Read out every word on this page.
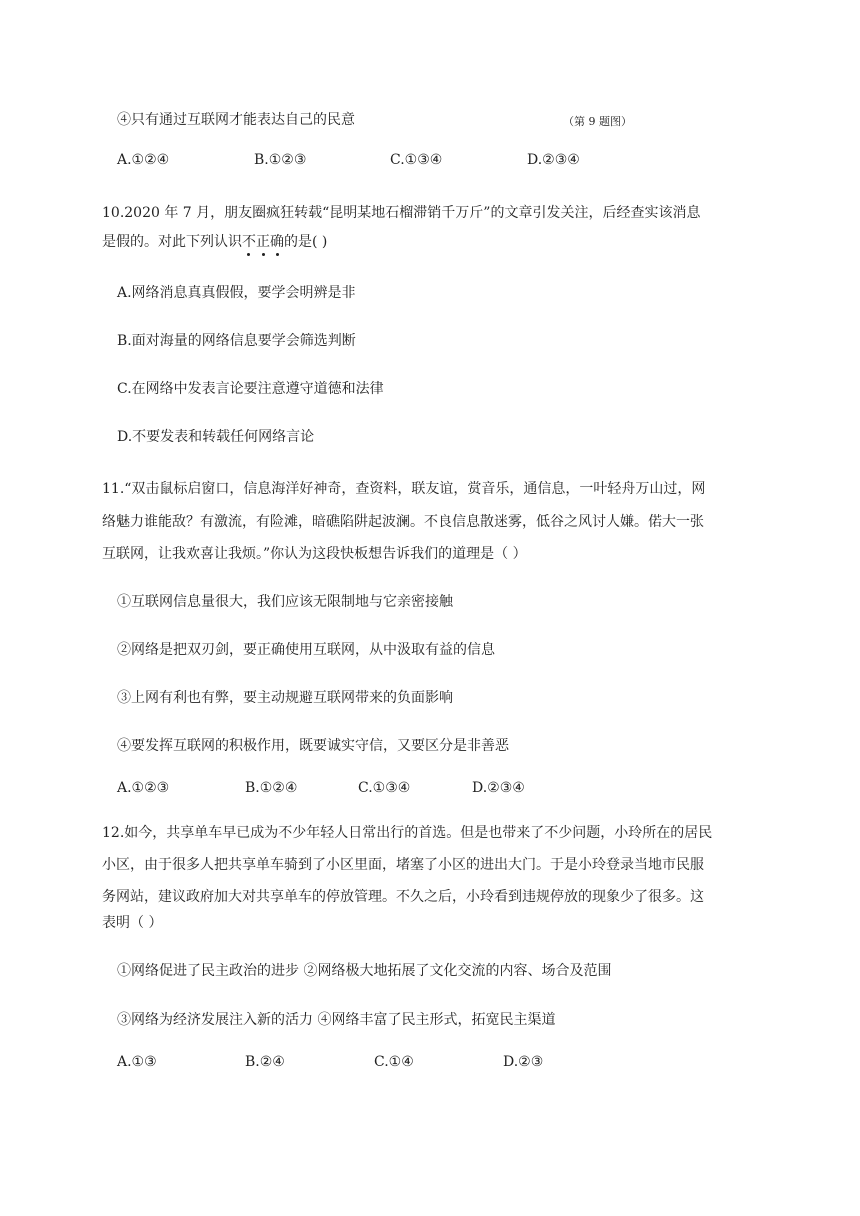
④只有通过互联网才能表达自己的民意	（第 9 题图）
A.①②④	B.①②③	C.①③④	D.②③④
10.2020 年 7 月，朋友圈疯狂转载“昆明某地石榴滞销千万斤”的文章引发关注，后经查实该消息
是假的。对此下列认识不正确
的是( )
A.网络消息真真假假，要学会明辨是非
B.面对海量的网络信息要学会筛选判断
C.在网络中发表言论要注意遵守道德和法律
D.不要发表和转载任何网络言论
11.“双击鼠标启窗口，信息海洋好神奇，查资料，联友谊，赏音乐，通信息，一叶轻舟万山过，网
络魅力谁能敌？有激流，有险滩，暗礁陷阱起波澜。不良信息散迷雾，低谷之风讨人嫌。偌大一张
互联网，让我欢喜让我烦。”你认为这段快板想告诉我们的道理是（ ）
①互联网信息量很大，我们应该无限制地与它亲密接触
②网络是把双刃剑，要正确使用互联网，从中汲取有益的信息
③上网有利也有弊，要主动规避互联网带来的负面影响
④要发挥互联网的积极作用，既要诚实守信，又要区分是非善恶
A.①②③	B.①②④	C.①③④	D.②③④
12.如今，共享单车早已成为不少年轻人日常出行的首选。但是也带来了不少问题，小玲所在的居民
小区，由于很多人把共享单车骑到了小区里面，堵塞了小区的进出大门。于是小玲登录当地市民服
务网站，建议政府加大对共享单车的停放管理。不久之后，小玲看到违规停放的现象少了很多。这
表明（ ）
①网络促进了民主政治的进步 ②网络极大地拓展了文化交流的内容、场合及范围
③网络为经济发展注入新的活力 ④网络丰富了民主形式，拓宽民主渠道
A.①③	B.②④	C.①④	D.②③
